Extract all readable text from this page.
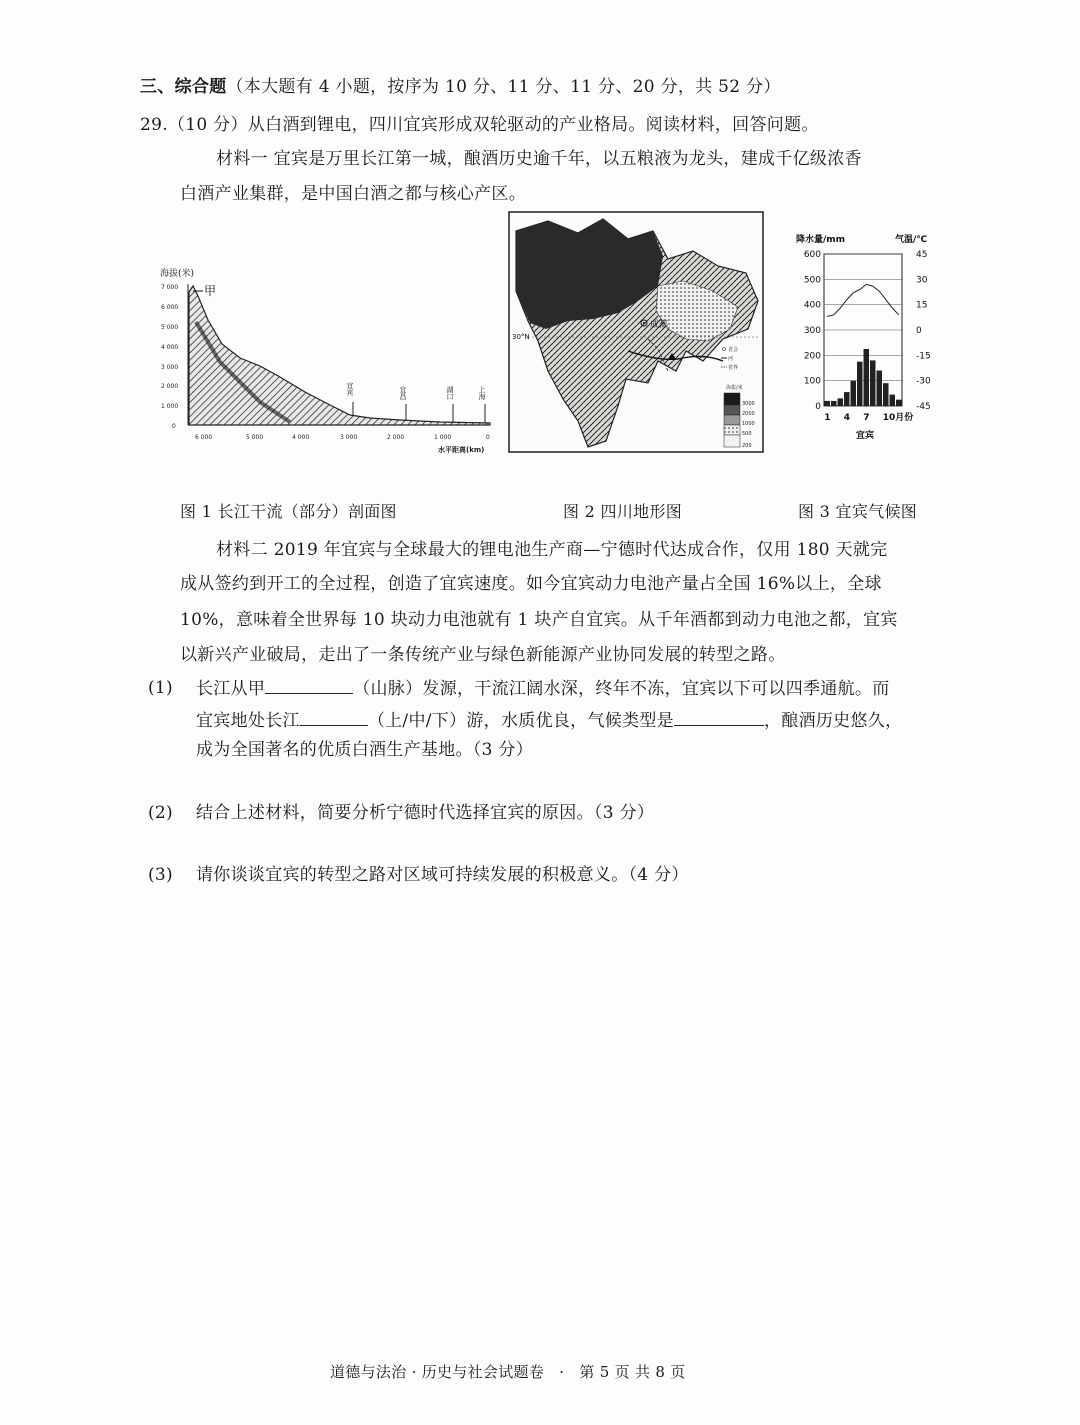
三、综合题（本大题有 4 小题，按序为 10 分、11 分、11 分、20 分，共 52 分）
29.（10 分）从白酒到锂电，四川宜宾形成双轮驱动的产业格局。阅读材料，回答问题。
材料一 宜宾是万里长江第一城，酿酒历史逾千年，以五粮液为龙头，建成千亿级浓香
白酒产业集群，是中国白酒之都与核心产区。
海拔(米)
7 000
6 000
5 000
4 000
3 000
2 000
1 000
0
甲
宜宾	宜昌	湖口	上海
6 000	5 000	4 000	3 000	2 000	1 000	0
水平距离(km)
30°N
成都
省会
河
省界
海拔/米
3000
2000
1000
500
200
降水量/mm	气温/℃
600
500
400
300
200
100
0
45
30
15
0
-15
-30
-45
1 4 7 10月份
宜宾
图 1 长江干流（部分）剖面图	图 2 四川地形图	图 3 宜宾气候图
材料二 2019 年宜宾与全球最大的锂电池生产商—宁德时代达成合作，仅用 180 天就完
成从签约到开工的全过程，创造了宜宾速度。如今宜宾动力电池产量占全国 16%以上，全球
10%，意味着全世界每 10 块动力电池就有 1 块产自宜宾。从千年酒都到动力电池之都，宜宾
以新兴产业破局，走出了一条传统产业与绿色新能源产业协同发展的转型之路。
(1) 长江从甲	（山脉）发源，干流江阔水深，终年不冻，宜宾以下可以四季通航。而
宜宾地处长江	（上/中/下）游，水质优良，气候类型是	，酿酒历史悠久，
成为全国著名的优质白酒生产基地。（3 分）
(2) 结合上述材料，简要分析宁德时代选择宜宾的原因。（3 分）
(3) 请你谈谈宜宾的转型之路对区域可持续发展的积极意义。（4 分）
道德与法治 · 历史与社会试题卷 · 第 5 页 共 8 页
